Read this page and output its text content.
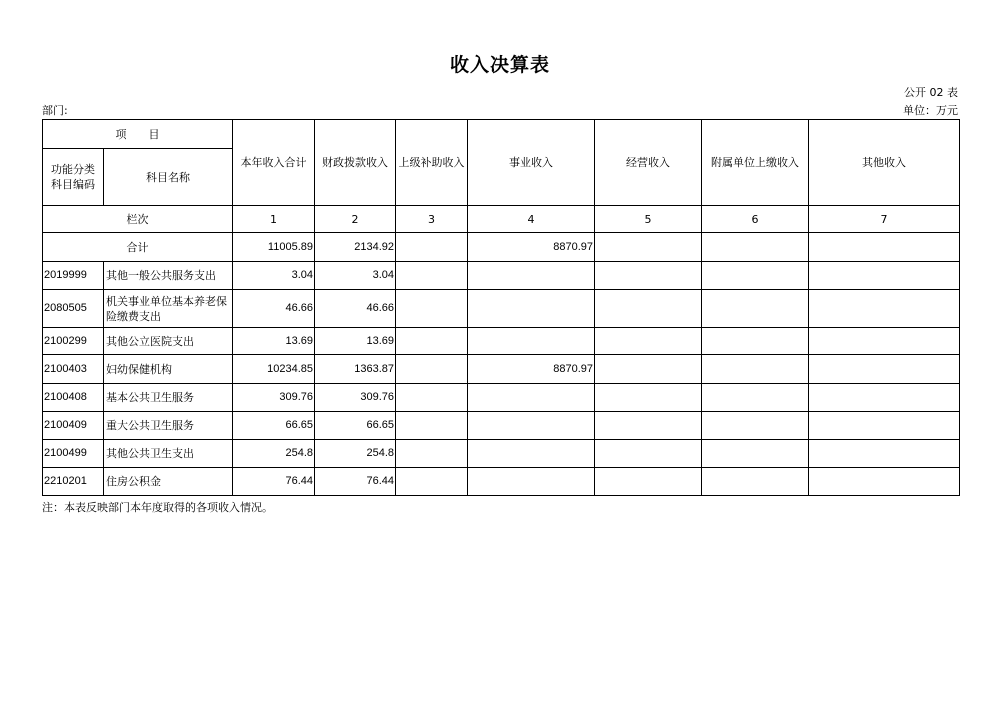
收入决算表
公开 02 表
部门:	单位：万元
项　　目		本年收入合计	财政拨款收入	上级补助收入	事业收入	经营收入	附属单位上缴收入	其他收入
功能分类科目编码	科目名称							
栏次		1	2	3	4	5	6	7
合计		11005.89	2134.92		8870.97			
2019999	其他一般公共服务支出	3.04	3.04					
2080505	机关事业单位基本养老保险缴费支出	46.66	46.66					
2100299	其他公立医院支出	13.69	13.69					
2100403	妇幼保健机构	10234.85	1363.87		8870.97			
2100408	基本公共卫生服务	309.76	309.76					
2100409	重大公共卫生服务	66.65	66.65					
2100499	其他公共卫生支出	254.8	254.8					
2210201	住房公积金	76.44	76.44					
注：本表反映部门本年度取得的各项收入情况。
